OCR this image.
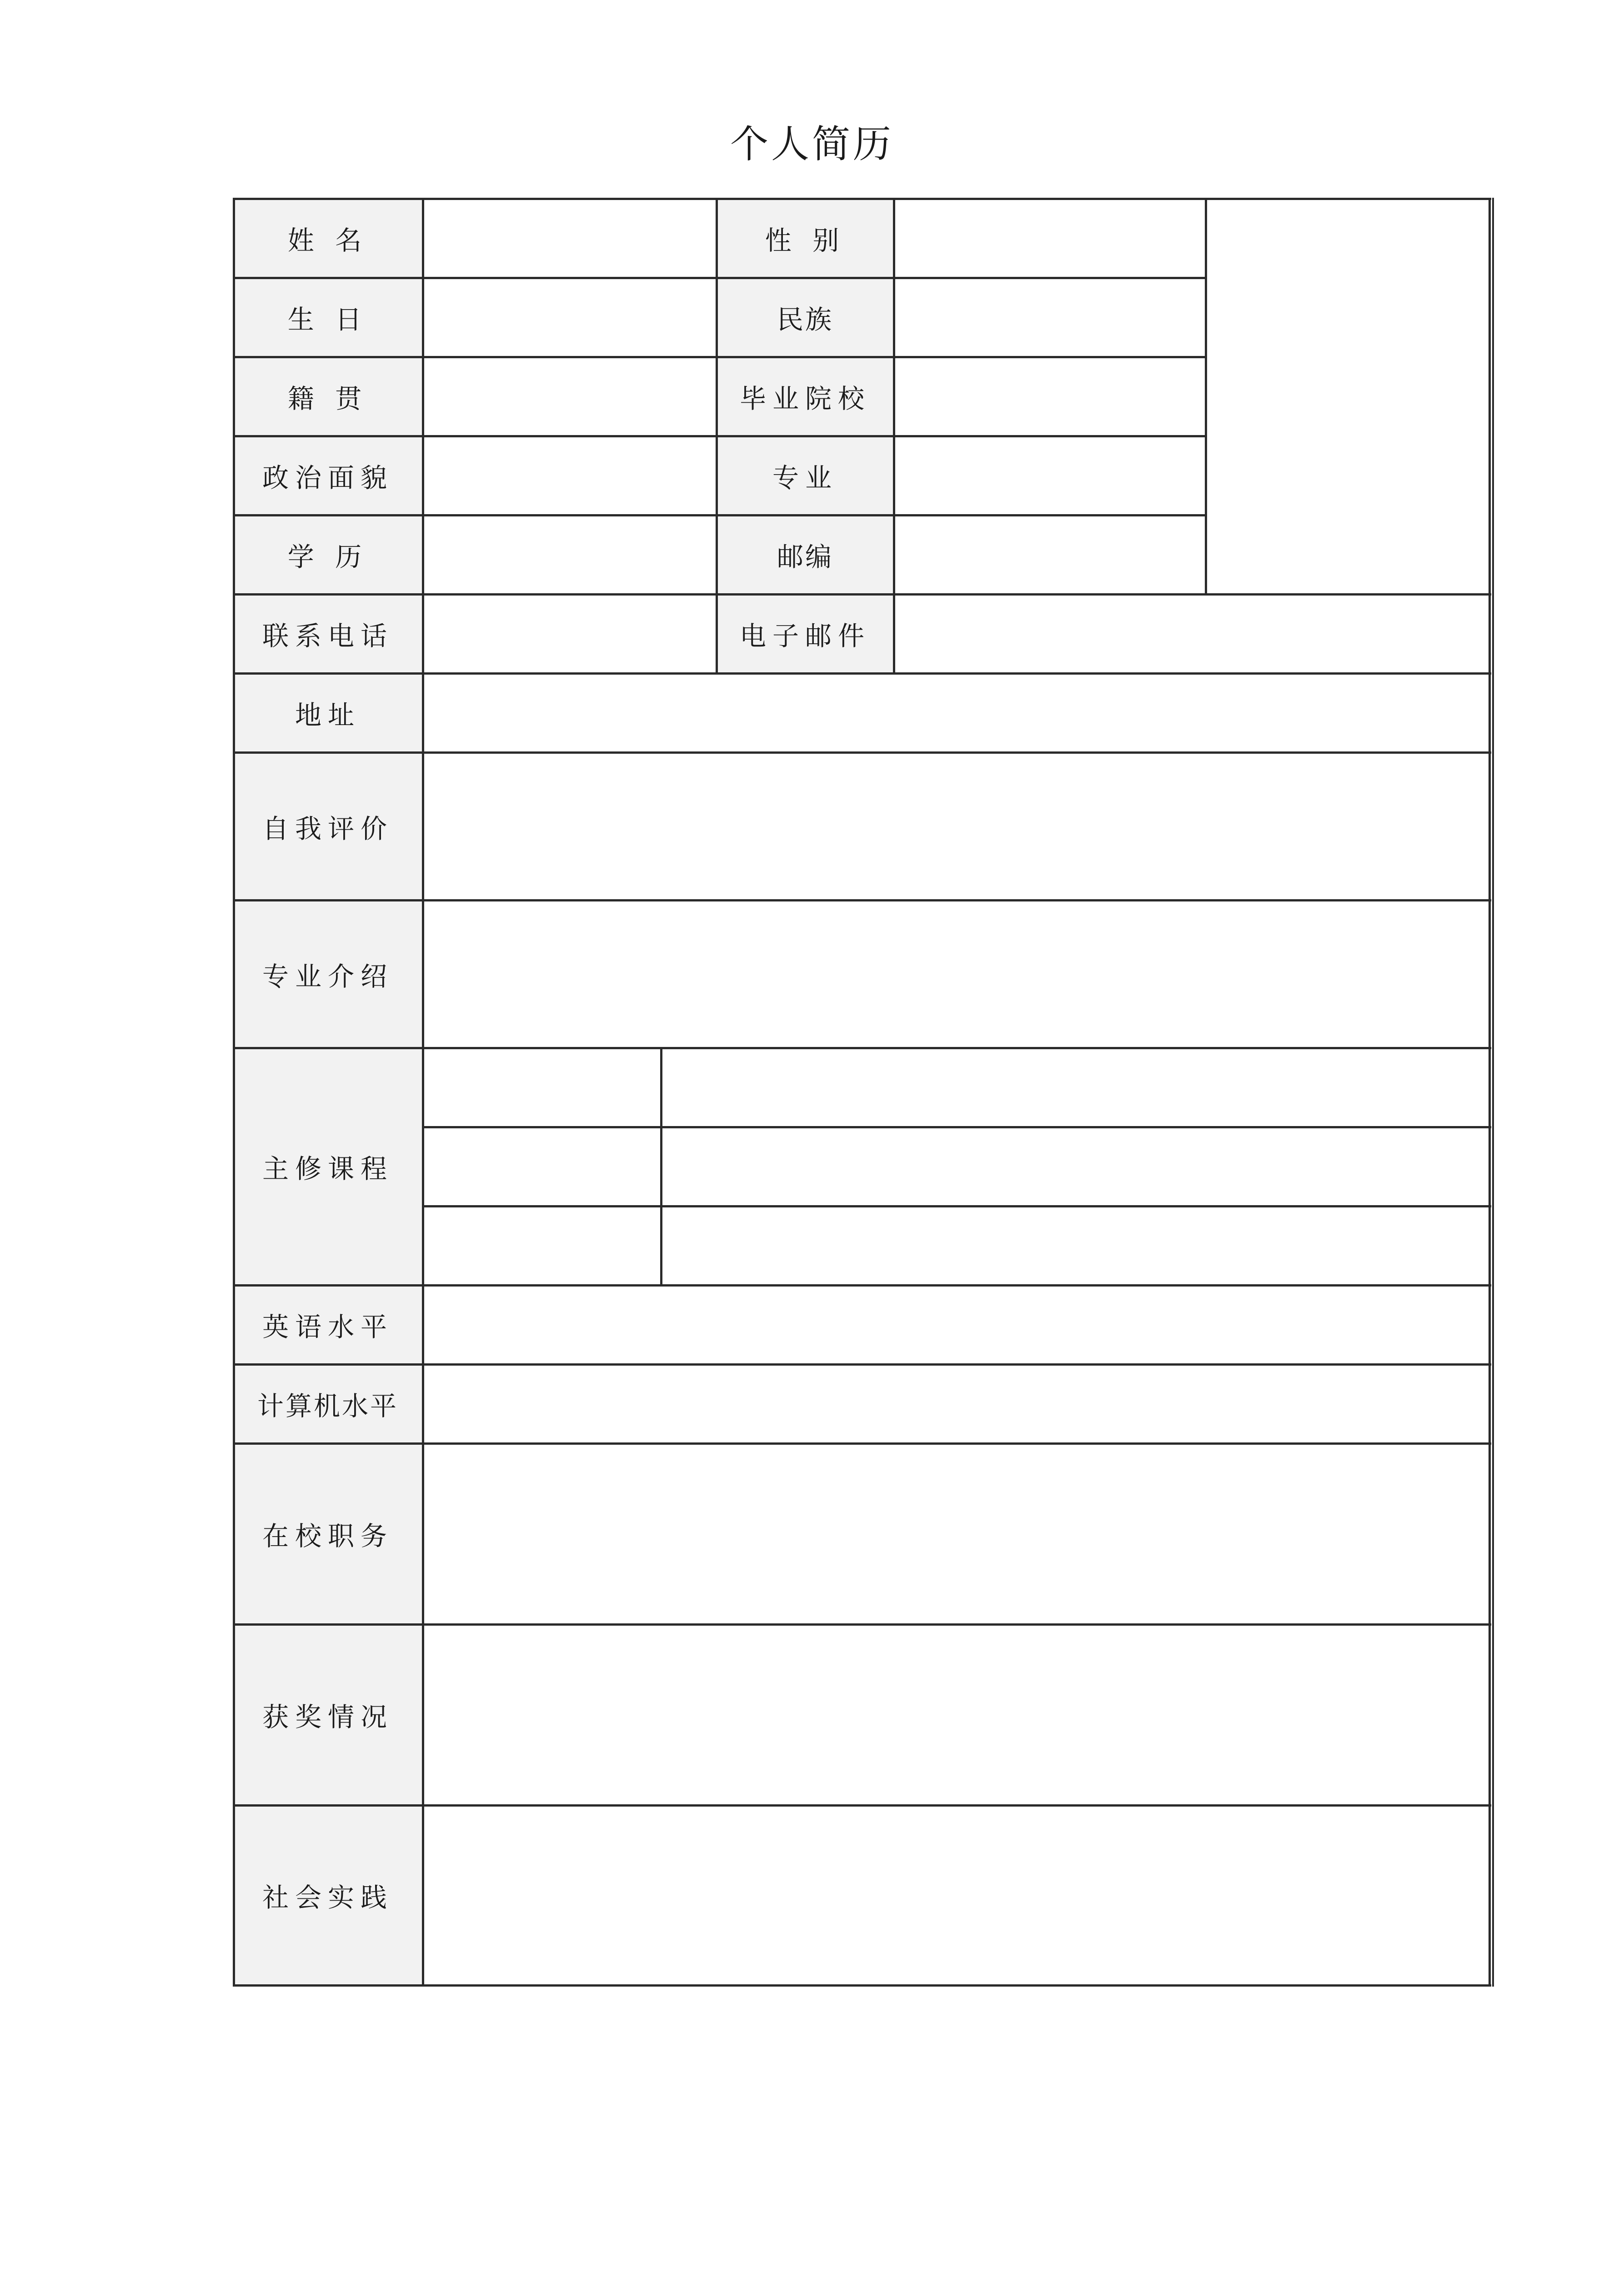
个人简历
姓 名
生 日
籍 贯
政治面貌
学 历
联系电话
地址
自我评价
专业介绍
主修课程
英语水平
计算机水平
在校职务
获奖情况
社会实践
性 别
民族
毕业院校
专业
邮编
电子邮件
